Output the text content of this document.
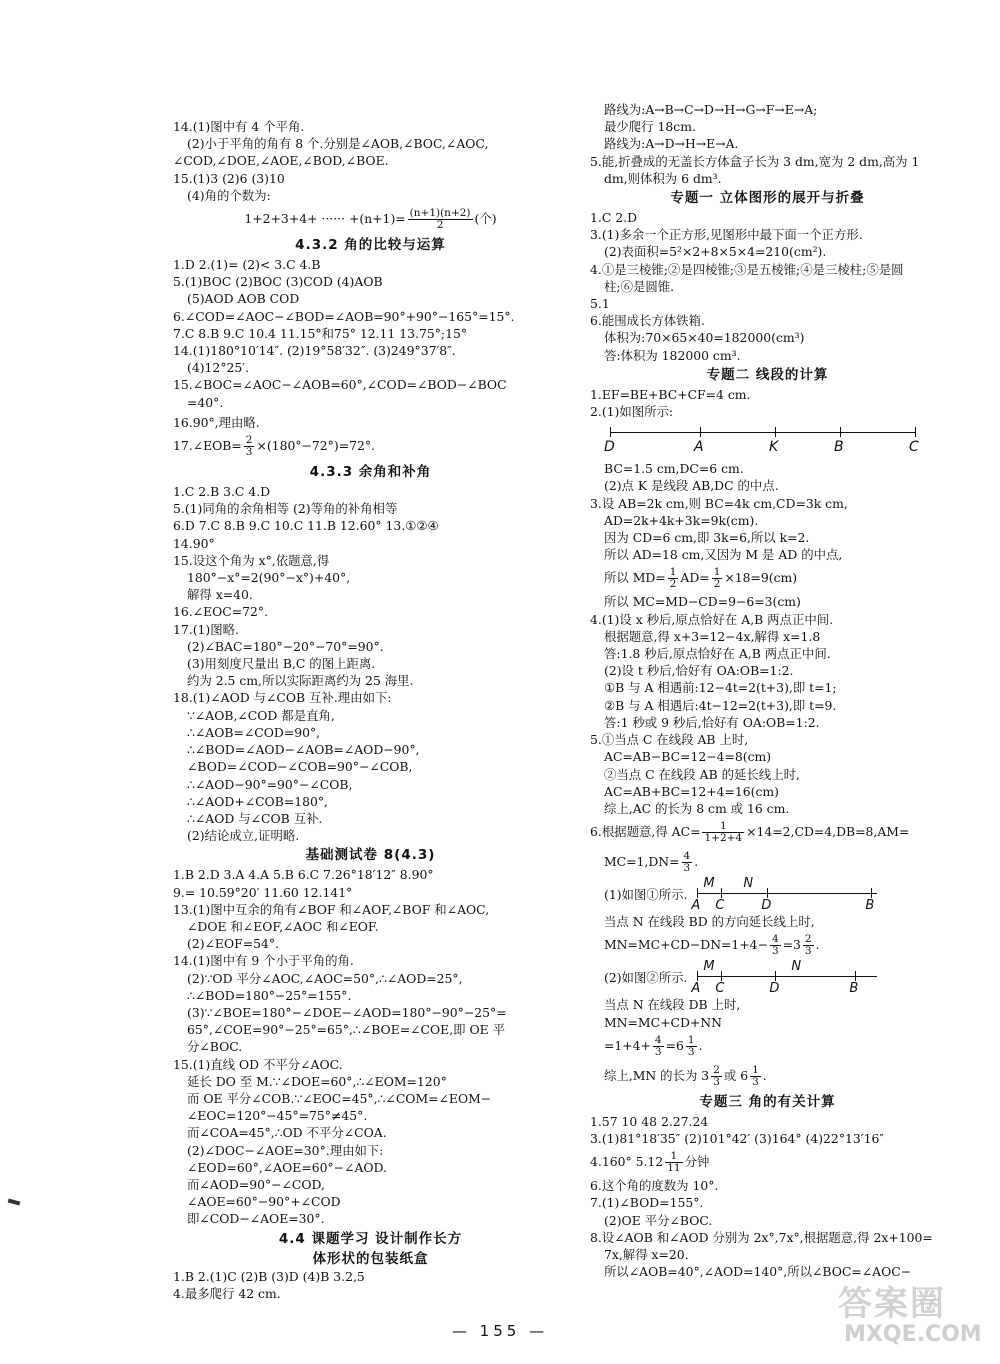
14.(1)图中有 4 个平角.
(2)小于平角的角有 8 个.分别是∠AOB,∠BOC,∠AOC,
∠COD,∠DOE,∠AOE,∠BOD,∠BOE.
15.(1)3 (2)6 (3)10
(4)角的个数为:
1+2+3+4+ ······ $+(n+1)= \frac{(n+1)(n+2)}{2}$ (个)
4.3.2 角的比较与运算
1.D 2.(1)= (2)< 3.C 4.B
5.(1)BOC (2)BOC (3)COD (4)AOB
(5)AOD AOB COD
6.∠COD=∠AOC−∠BOD=∠AOB=90°+90°−165°=15°.
7.C 8.B 9.C 10.4 11.15°和75° 12.11 13.75°;15°
14.(1)180°10′14″. (2)19°58′32″. (3)249°37′8″.
(4)12°25′.
15.∠BOC=∠AOC−∠AOB=60°,∠COD=∠BOD−∠BOC
=40°.
16.90°,理由略.
17.∠EOB= $\frac{2}{3} \times(180^\circ-72^\circ)=72^\circ$.
4.3.3 余角和补角
1.C 2.B 3.C 4.D
5.(1)同角的余角相等 (2)等角的补角相等
6.D 7.C 8.B 9.C 10.C 11.B 12.60° 13.①②④
14.90°
15.设这个角为 x°,依题意,得
180°−x°=2(90°−x°)+40°,
解得 x=40.
16.∠EOC=72°.
17.(1)图略.
(2)∠BAC=180°−20°−70°=90°.
(3)用刻度尺量出 B,C 的图上距离.
约为 2.5 cm,所以实际距离约为 25 海里.
18.(1)∠AOD 与∠COB 互补.理由如下:
∵∠AOB,∠COD 都是直角,
∴∠AOB=∠COD=90°,
∴∠BOD=∠AOD−∠AOB=∠AOD−90°,
∠BOD=∠COD−∠COB=90°−∠COB,
∴∠AOD−90°=90°−∠COB,
∴∠AOD+∠COB=180°,
∴∠AOD 与∠COB 互补.
(2)结论成立,证明略.
基础测试卷 8(4.3)
1.B 2.D 3.A 4.A 5.B 6.C 7.26°18′12″ 8.90°
9.= 10.59°20′ 11.60 12.141°
13.(1)图中互余的角有∠BOF 和∠AOF,∠BOF 和∠AOC,
∠DOE 和∠EOF,∠AOC 和∠EOF.
(2)∠EOF=54°.
14.(1)图中有 9 个小于平角的角.
(2)∵OD 平分∠AOC,∠AOC=50°,∴∠AOD=25°,
∴∠BOD=180°−25°=155°.
(3)∵∠BOE=180°−∠DOE−∠AOD=180°−90°−25°=
65°,∠COE=90°−25°=65°,∴∠BOE=∠COE,即 OE 平
分∠BOC.
15.(1)直线 OD 不平分∠AOC.
延长 DO 至 M.∵∠DOE=60°,∴∠EOM=120°
而 OE 平分∠COB.∵∠EOC=45°,∴∠COM=∠EOM−
∠EOC=120°−45°=75°≠45°.
而∠COA=45°,∴OD 不平分∠COA.
(2)∠DOC−∠AOE=30°.理由如下:
∠EOD=60°,∠AOE=60°−∠AOD.
而∠AOD=90°−∠COD,
∠AOE=60°−90°+∠COD
即∠COD−∠AOE=30°.
4.4 课题学习 设计制作长方
体形状的包装纸盒
1.B 2.(1)C (2)B (3)D (4)B 3.2,5
4.最多爬行 42 cm.
路线为:A→B→C→D→H→G→F→E→A;
最少爬行 18cm.
路线为:A→D→H→E→A.
5.能,折叠成的无盖长方体盒子长为 3 dm,宽为 2 dm,高为 1
dm,则体积为 6 dm³.
专题一 立体图形的展开与折叠
1.C 2.D
3.(1)多余一个正方形,见图形中最下面一个正方形.
(2)表面积=5²×2+8×5×4=210(cm²).
4.①是三棱锥;②是四棱锥;③是五棱锥;④是三棱柱;⑤是圆
柱;⑥是圆锥.
5.1
6.能围成长方体铁箱.
体积为:70×65×40=182000(cm³)
答:体积为 182000 cm³.
专题二 线段的计算
1.EF=BE+BC+CF=4 cm.
2.(1)如图所示:
D	A	K	B	C
BC=1.5 cm,DC=6 cm.
(2)点 K 是线段 AB,DC 的中点.
3.设 AB=2k cm,则 BC=4k cm,CD=3k cm,
AD=2k+4k+3k=9k(cm).
因为 CD=6 cm,即 3k=6,所以 k=2.
所以 AD=18 cm,又因为 M 是 AD 的中点,
所以 $MD= \frac{1}{2} AD= \frac{1}{2} \times 18=9(cm)$
所以 MC=MD−CD=9−6=3(cm)
4.(1)设 x 秒后,原点恰好在 A,B 两点正中间.
根据题意,得 x+3=12−4x,解得 x=1.8
答:1.8 秒后,原点恰好在 A,B 两点正中间.
(2)设 t 秒后,恰好有 OA:OB=1:2.
①B 与 A 相遇前:12−4t=2(t+3),即 t=1;
②B 与 A 相遇后:4t−12=2(t+3),即 t=9.
答:1 秒或 9 秒后,恰好有 OA:OB=1:2.
5.①当点 C 在线段 AB 上时,
AC=AB−BC=12−4=8(cm)
②当点 C 在线段 AB 的延长线上时,
AC=AB+BC=12+4=16(cm)
综上,AC 的长为 8 cm 或 16 cm.
6.根据题意,得 $AC= \frac{1}{1+2+4} \times 14=2,CD=4,DB=8,AM=$
$MC=1,DN= \frac{4}{3}$ .
(1)如图①所示.
M N
A C	D	B
当点 N 在线段 BD 的方向延长线上时,
$MN=MC+CD-DN=1+4- \frac{4}{3} =3 \frac{2}{3}$ .
(2)如图②所示.
M	N
A C	D	B
当点 N 在线段 DB 上时,
MN=MC+CD+NN
$=1+4+ \frac{4}{3} =6 \frac{1}{3}$ .
综上,MN 的长为 $3 \frac{2}{3}$ 或 $6 \frac{1}{3}$ .
专题三 角的有关计算
1.57 10 48 2.27.24
3.(1)81°18′35″ (2)101°42′ (3)164° (4)22°13′16″
4.160° $5.12 \frac{1}{11}$ 分钟
6.这个角的度数为 10°.
7.(1)∠BOD=155°.
(2)OE 平分∠BOC.
8.设∠AOB 和∠AOD 分别为 2x°,7x°,根据题意,得 2x+100=
7x,解得 x=20.
所以∠AOB=40°,∠AOD=140°,所以∠BOC=∠AOC−
— 155 —
答案圈
MXQE.COM
